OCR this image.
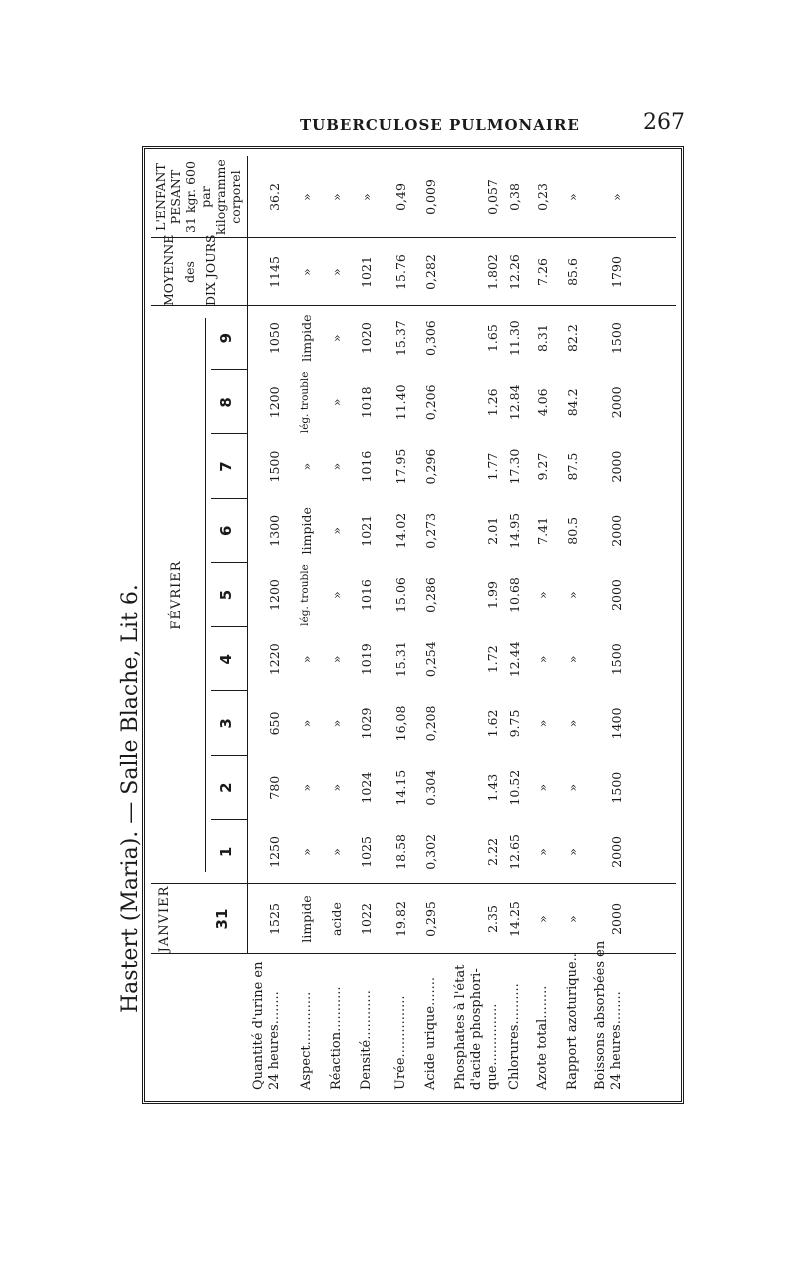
TUBERCULOSE PULMONAIRE	267
Hastert (Maria). — Salle Blache, Lit 6. JANVIER
FÉVRIER
MOYENNE des DIX JOURS
L'ENFANT PESANT 31 kgr. 600 par kilogramme corporel
31
1
2
3
4
5
6
7
8
9
Quantité d'urine en 24 heures........
1525
1250
780
650
1220
1200
1300
1500
1200
1050
1145
36.2
Aspect.............
limpide
»
»
»
»
lég. trouble
limpide
»
lég. trouble
limpide
»
»
Réaction...........
acide
»
»
»
»
»
»
»
»
»
»
»
Densité............
1022
1025
1024
1029
1019
1016
1021
1016
1018
1020
1021
»
Urée...............
19.82
18.58
14.15
16,08
15.31
15.06
14.02
17.95
11.40
15.37
15.76
0,49
Acide urique.......
0,295
0,302
0.304
0,208
0,254
0,286
0,273
0,296
0,206
0,306
0,282
0,009
Phosphates à l'état d'acide phosphori- que...............
2.35
2.22
1.43
1.62
1.72
1.99
2.01
1.77
1.26
1.65
1.802
0,057
Chlorures..........
14.25
12.65
10.52
9.75
12.44
10.68
14.95
17.30
12.84
11.30
12.26
0,38
Azote total........
»
»
»
»
»
»
7.41
9.27
4.06
8.31
7.26
0,23
Rapport azoturique..
»
»
»
»
»
»
80.5
87.5
84.2
82.2
85.6
»
Boissons absorbées en 24 heures........
2000
2000
1500
1400
1500
2000
2000
2000
2000
1500
1790
»
